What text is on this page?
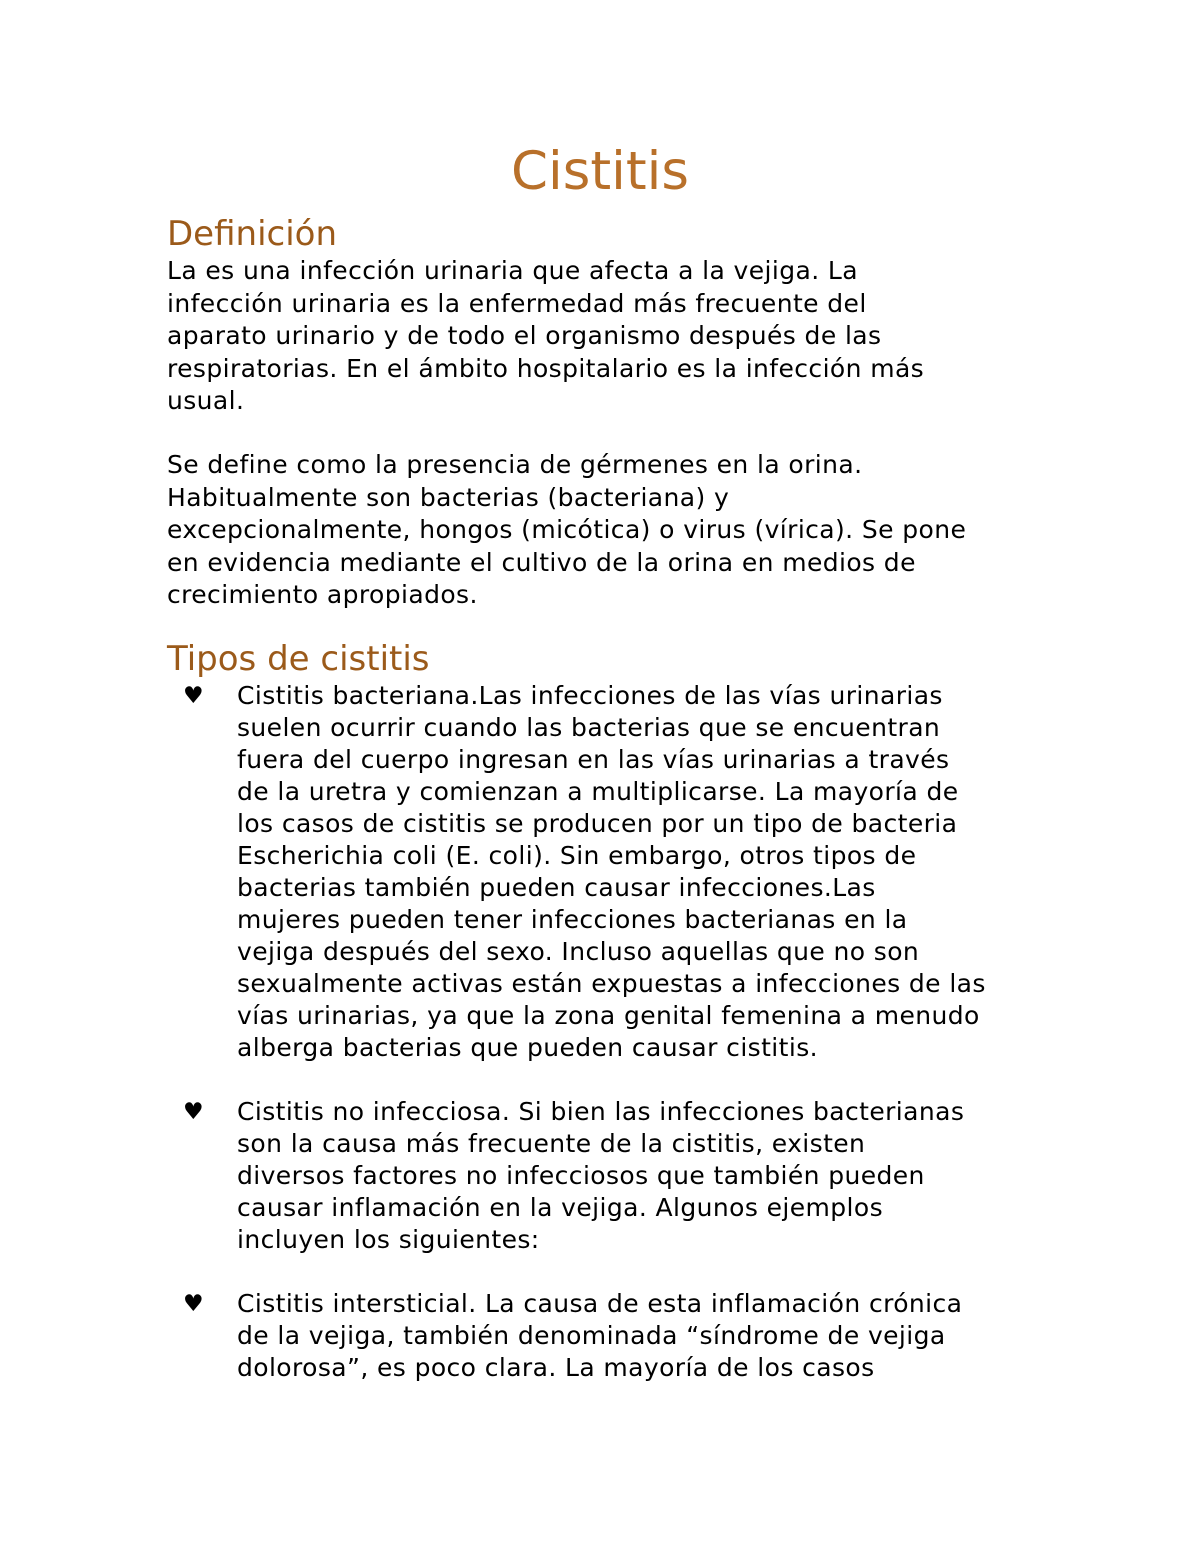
Cistitis
Definición
La es una infección urinaria que afecta a la vejiga. La
infección urinaria es la enfermedad más frecuente del
aparato urinario y de todo el organismo después de las
respiratorias. En el ámbito hospitalario es la infección más
usual.
Se define como la presencia de gérmenes en la orina.
Habitualmente son bacterias (bacteriana) y
excepcionalmente, hongos (micótica) o virus (vírica). Se pone
en evidencia mediante el cultivo de la orina en medios de
crecimiento apropiados.
Tipos de cistitis
♥ Cistitis bacteriana.Las infecciones de las vías urinarias
suelen ocurrir cuando las bacterias que se encuentran
fuera del cuerpo ingresan en las vías urinarias a través
de la uretra y comienzan a multiplicarse. La mayoría de
los casos de cistitis se producen por un tipo de bacteria
Escherichia coli (E. coli). Sin embargo, otros tipos de
bacterias también pueden causar infecciones.Las
mujeres pueden tener infecciones bacterianas en la
vejiga después del sexo. Incluso aquellas que no son
sexualmente activas están expuestas a infecciones de las
vías urinarias, ya que la zona genital femenina a menudo
alberga bacterias que pueden causar cistitis.
♥ Cistitis no infecciosa. Si bien las infecciones bacterianas
son la causa más frecuente de la cistitis, existen
diversos factores no infecciosos que también pueden
causar inflamación en la vejiga. Algunos ejemplos
incluyen los siguientes:
♥ Cistitis intersticial. La causa de esta inflamación crónica
de la vejiga, también denominada “síndrome de vejiga
dolorosa”, es poco clara. La mayoría de los casos
